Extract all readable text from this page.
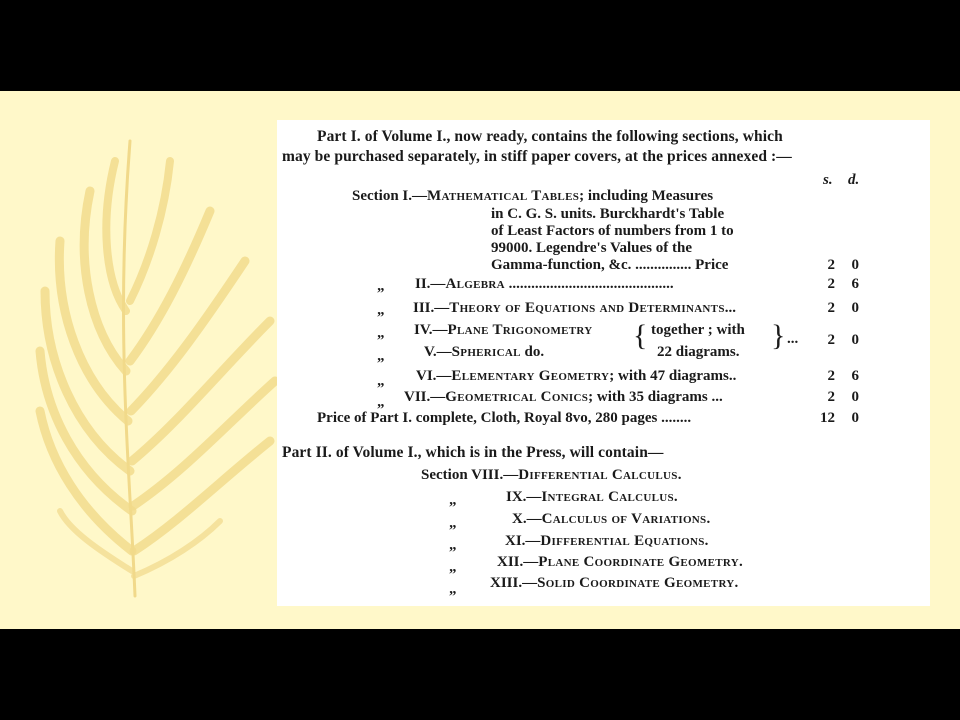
Part I. of Volume I., now ready, contains the following sections, which
may be purchased separately, in stiff paper covers, at the prices annexed :—
s. d.
Section I.—Mathematical Tables; including Measures
in C. G. S. units. Burckhardt's Table
of Least Factors of numbers from 1 to
99000. Legendre's Values of the
Gamma-function, &c. ............... Price	2	0
„ II.—Algebra ............................................	2	6
„ III.—Theory of Equations and Determinants...	2	0
„ IV.—Plane Trigonometry
„	V.—Spherical do.	{ together ; with
22 diagrams. } ...	2	0
„ VI.—Elementary Geometry; with 47 diagrams..	2	6
„ VII.—Geometrical Conics; with 35 diagrams ...	2	0
Price of Part I. complete, Cloth, Royal 8vo, 280 pages ........	12	0
Part II. of Volume I., which is in the Press, will contain—
Section VIII.—Differential Calculus.
„	IX.—Integral Calculus.
„	X.—Calculus of Variations.
„	XI.—Differential Equations.
„	XII.—Plane Coordinate Geometry.
„ XIII.—Solid Coordinate Geometry.
